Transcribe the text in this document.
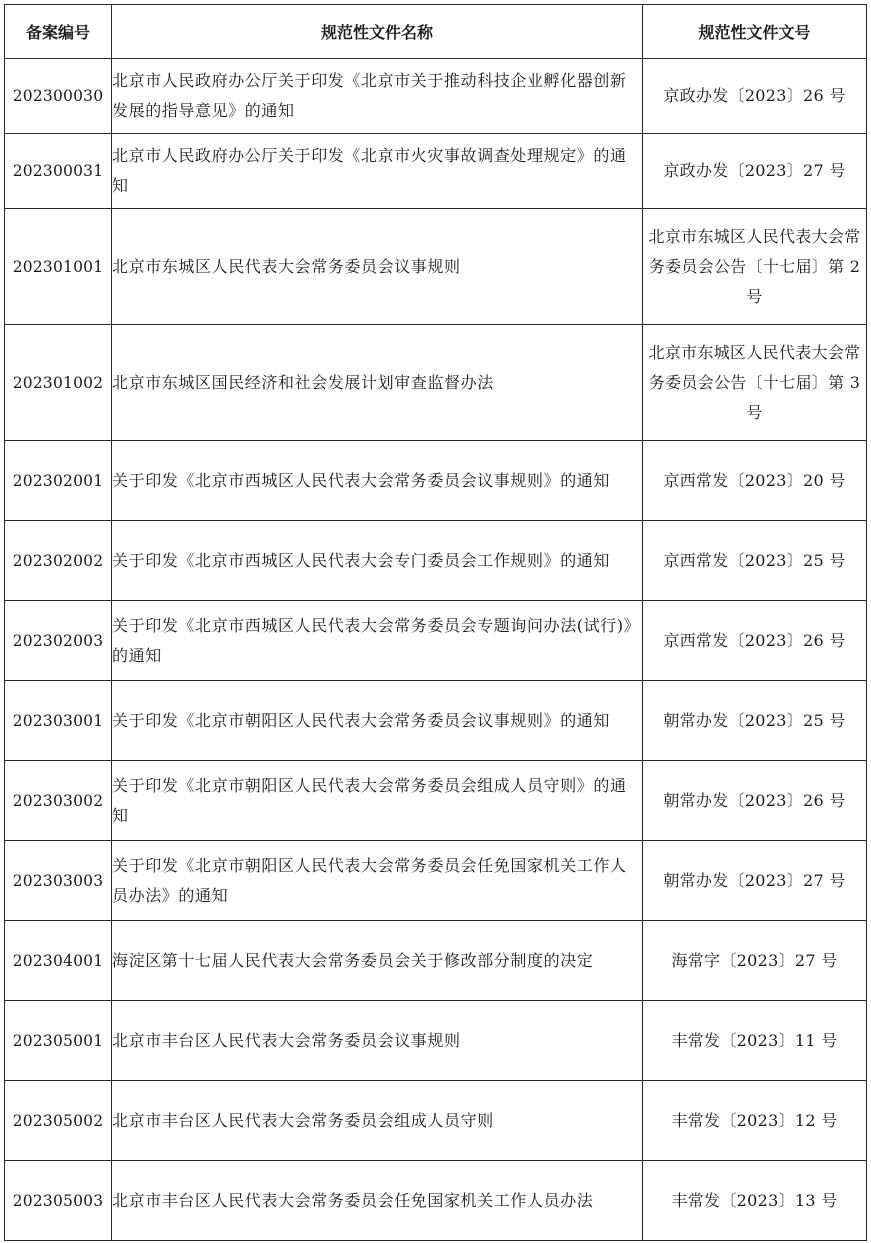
备案编号	规范性文件名称	规范性文件文号
202300030	北京市人民政府办公厅关于印发《北京市关于推动科技企业孵化器创新发展的指导意见》的通知	京政办发〔2023〕26 号
202300031	北京市人民政府办公厅关于印发《北京市火灾事故调查处理规定》的通知	京政办发〔2023〕27 号
202301001	北京市东城区人民代表大会常务委员会议事规则	北京市东城区人民代表大会常务委员会公告〔十七届〕第 2 号
202301002	北京市东城区国民经济和社会发展计划审查监督办法	北京市东城区人民代表大会常务委员会公告〔十七届〕第 3 号
202302001	关于印发《北京市西城区人民代表大会常务委员会议事规则》的通知	京西常发〔2023〕20 号
202302002	关于印发《北京市西城区人民代表大会专门委员会工作规则》的通知	京西常发〔2023〕25 号
202302003	关于印发《北京市西城区人民代表大会常务委员会专题询问办法(试行)》的通知	京西常发〔2023〕26 号
202303001	关于印发《北京市朝阳区人民代表大会常务委员会议事规则》的通知	朝常办发〔2023〕25 号
202303002	关于印发《北京市朝阳区人民代表大会常务委员会组成人员守则》的通知	朝常办发〔2023〕26 号
202303003	关于印发《北京市朝阳区人民代表大会常务委员会任免国家机关工作人员办法》的通知	朝常办发〔2023〕27 号
202304001	海淀区第十七届人民代表大会常务委员会关于修改部分制度的决定	海常字〔2023〕27 号
202305001	北京市丰台区人民代表大会常务委员会议事规则	丰常发〔2023〕11 号
202305002	北京市丰台区人民代表大会常务委员会组成人员守则	丰常发〔2023〕12 号
202305003	北京市丰台区人民代表大会常务委员会任免国家机关工作人员办法	丰常发〔2023〕13 号
